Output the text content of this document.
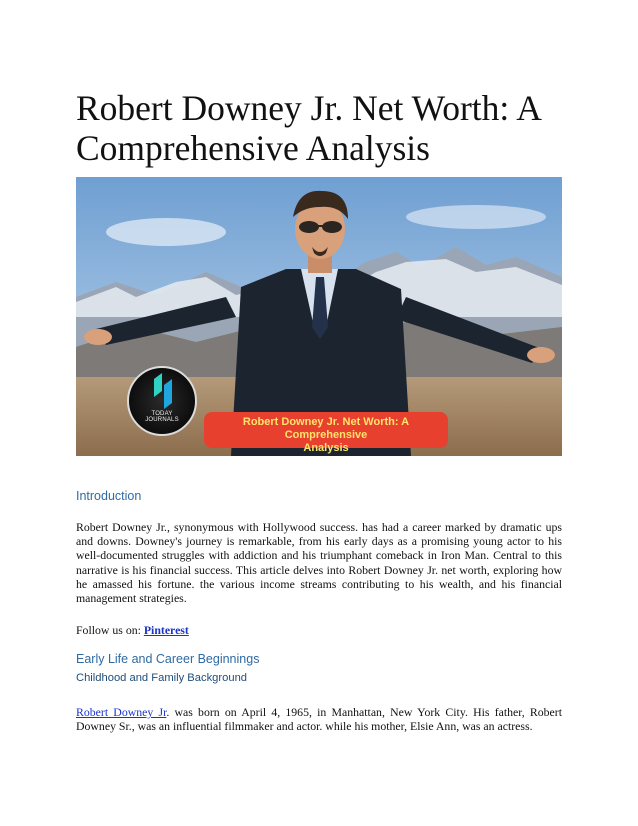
Robert Downey Jr. Net Worth: A Comprehensive Analysis
TODAY JOURNALS	Robert Downey Jr. Net Worth: A Comprehensive
Analysis
Introduction

Robert Downey Jr., synonymous with Hollywood success. has had a career marked by dramatic ups and downs. Downey's journey is remarkable, from his early days as a promising young actor to his well-documented struggles with addiction and his triumphant comeback in Iron Man. Central to this narrative is his financial success. This article delves into Robert Downey Jr. net worth, exploring how he amassed his fortune. the various income streams contributing to his wealth, and his financial management strategies.

Follow us on: Pinterest

Early Life and Career Beginnings
Childhood and Family Background

Robert Downey Jr. was born on April 4, 1965, in Manhattan, New York City. His father, Robert Downey Sr., was an influential filmmaker and actor. while his mother, Elsie Ann, was an actress.
